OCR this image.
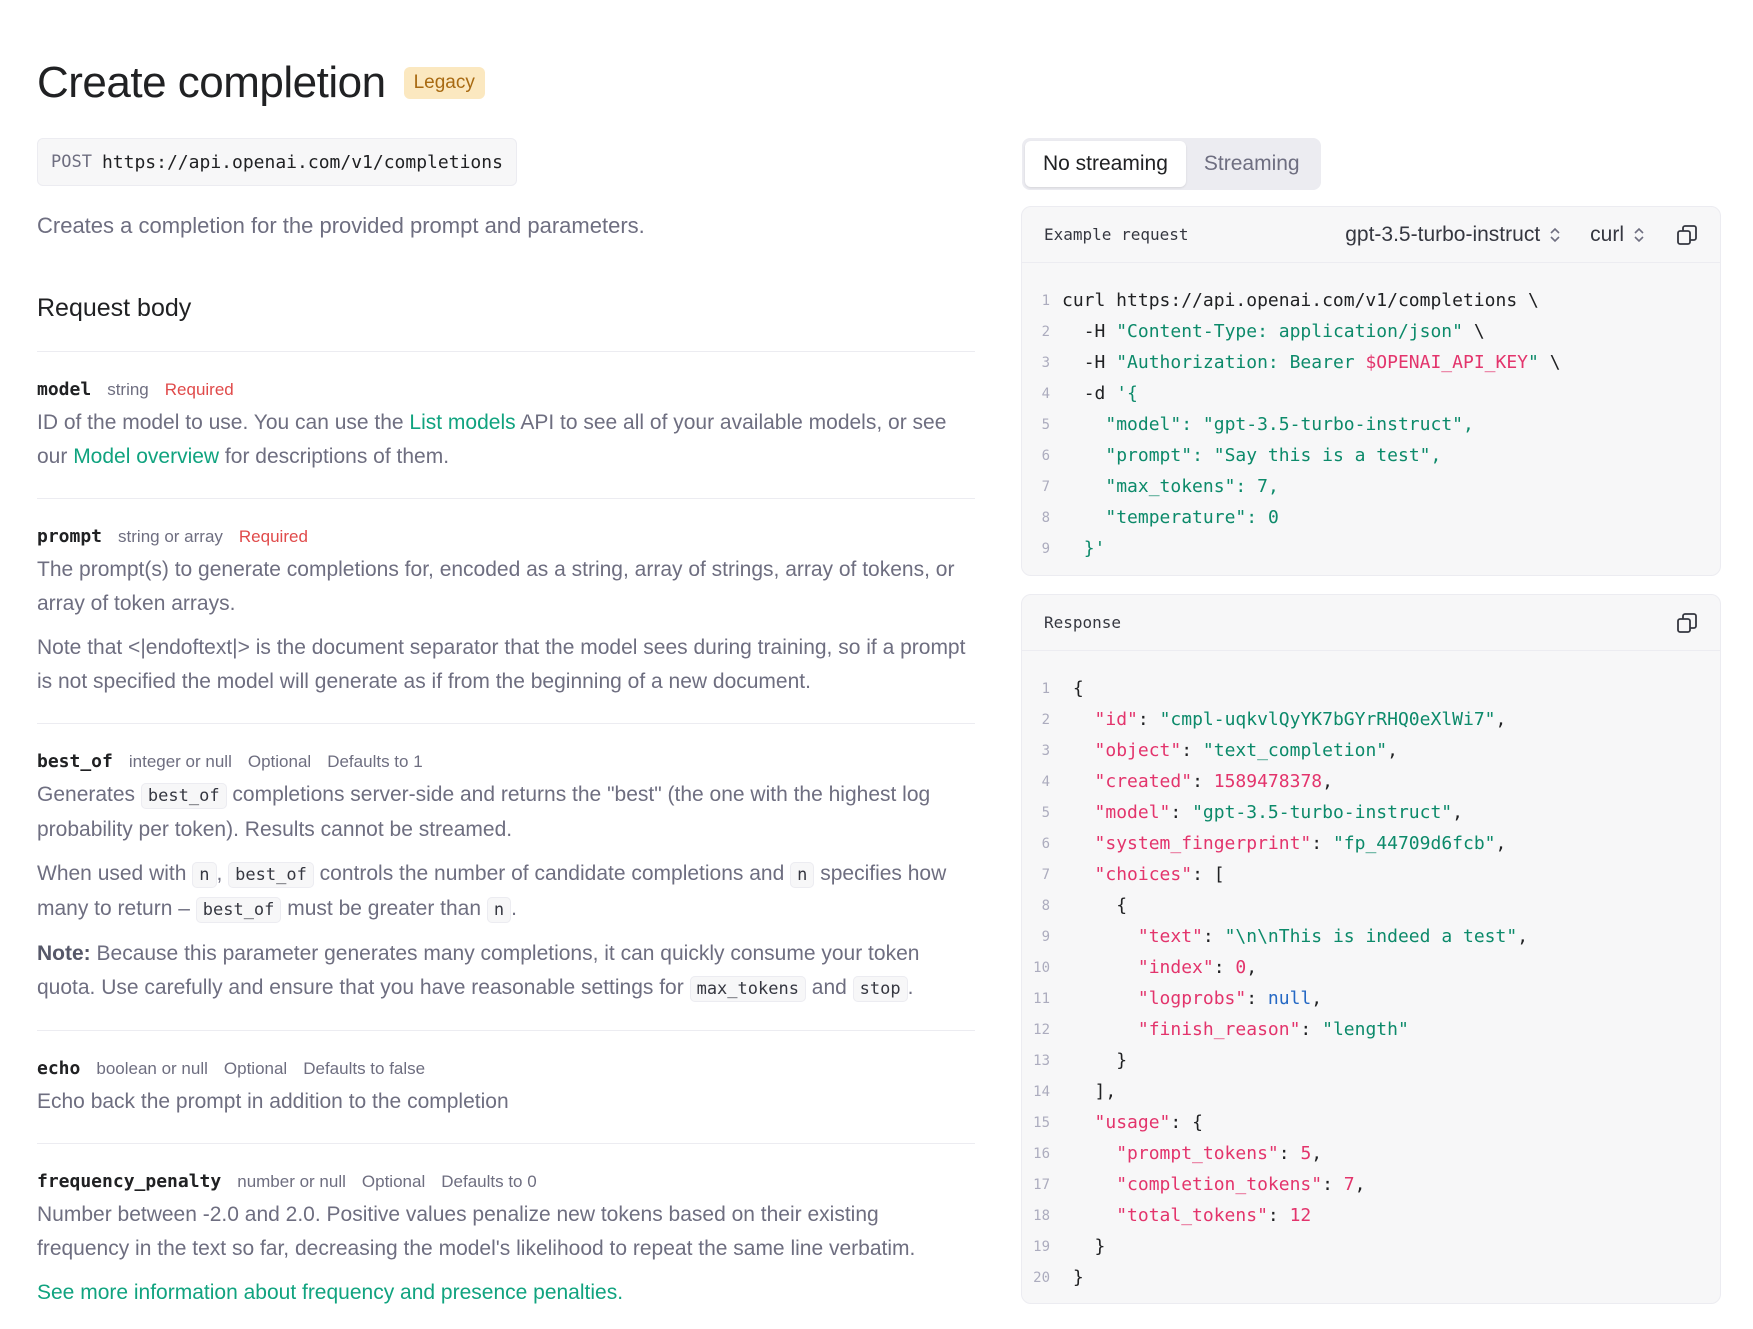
Create completion	Legacy
POST https://api.openai.com/v1/completions

Creates a completion for the provided prompt and parameters.

Request body
model string Required

ID of the model to use. You can use the List models API to see all of your available models, or see our Model overview for descriptions of them.

prompt string or array Required

The prompt(s) to generate completions for, encoded as a string, array of strings, array of tokens, or array of token arrays.

Note that <|endoftext|> is the document separator that the model sees during training, so if a prompt is not specified the model will generate as if from the beginning of a new document.

best_of integer or null Optional Defaults to 1

Generates best_of completions server-side and returns the "best" (the one with the highest log probability per token). Results cannot be streamed.

When used with n , best_of controls the number of candidate completions and n specifies how many to return – best_of must be greater than n .

Note: Because this parameter generates many completions, it can quickly consume your token quota. Use carefully and ensure that you have reasonable settings for max_tokens and stop .

echo boolean or null Optional Defaults to false

Echo back the prompt in addition to the completion

frequency_penalty number or null Optional Defaults to 0

Number between -2.0 and 2.0. Positive values penalize new tokens based on their existing frequency in the text so far, decreasing the model's likelihood to repeat the same line verbatim.

See more information about frequency and presence penalties.

No streaming	Streaming
Example request	gpt-3.5-turbo-instruct curl
1 curl https://api.openai.com/v1/completions \
2	-H "Content-Type: application/json" \
3	-H "Authorization: Bearer $OPENAI_API_KEY" \
4	-d '{
5	"model": "gpt-3.5-turbo-instruct",
6	"prompt": "Say this is a test",
7	"max_tokens": 7,
8	"temperature": 0
9	}'
Response
1	{
2	"id": "cmpl-uqkvlQyYK7bGYrRHQ0eXlWi7",
3	"object": "text_completion",
4	"created": 1589478378,
5	"model": "gpt-3.5-turbo-instruct",
6	"system_fingerprint": "fp_44709d6fcb",
7	"choices": [
8	{
9	"text": "\n\nThis is indeed a test",
10	"index": 0,
11	"logprobs": null,
12	"finish_reason": "length"
13	}
14	],
15	"usage": {
16	"prompt_tokens": 5,
17	"completion_tokens": 7,
18	"total_tokens": 12
19	}
20	}
